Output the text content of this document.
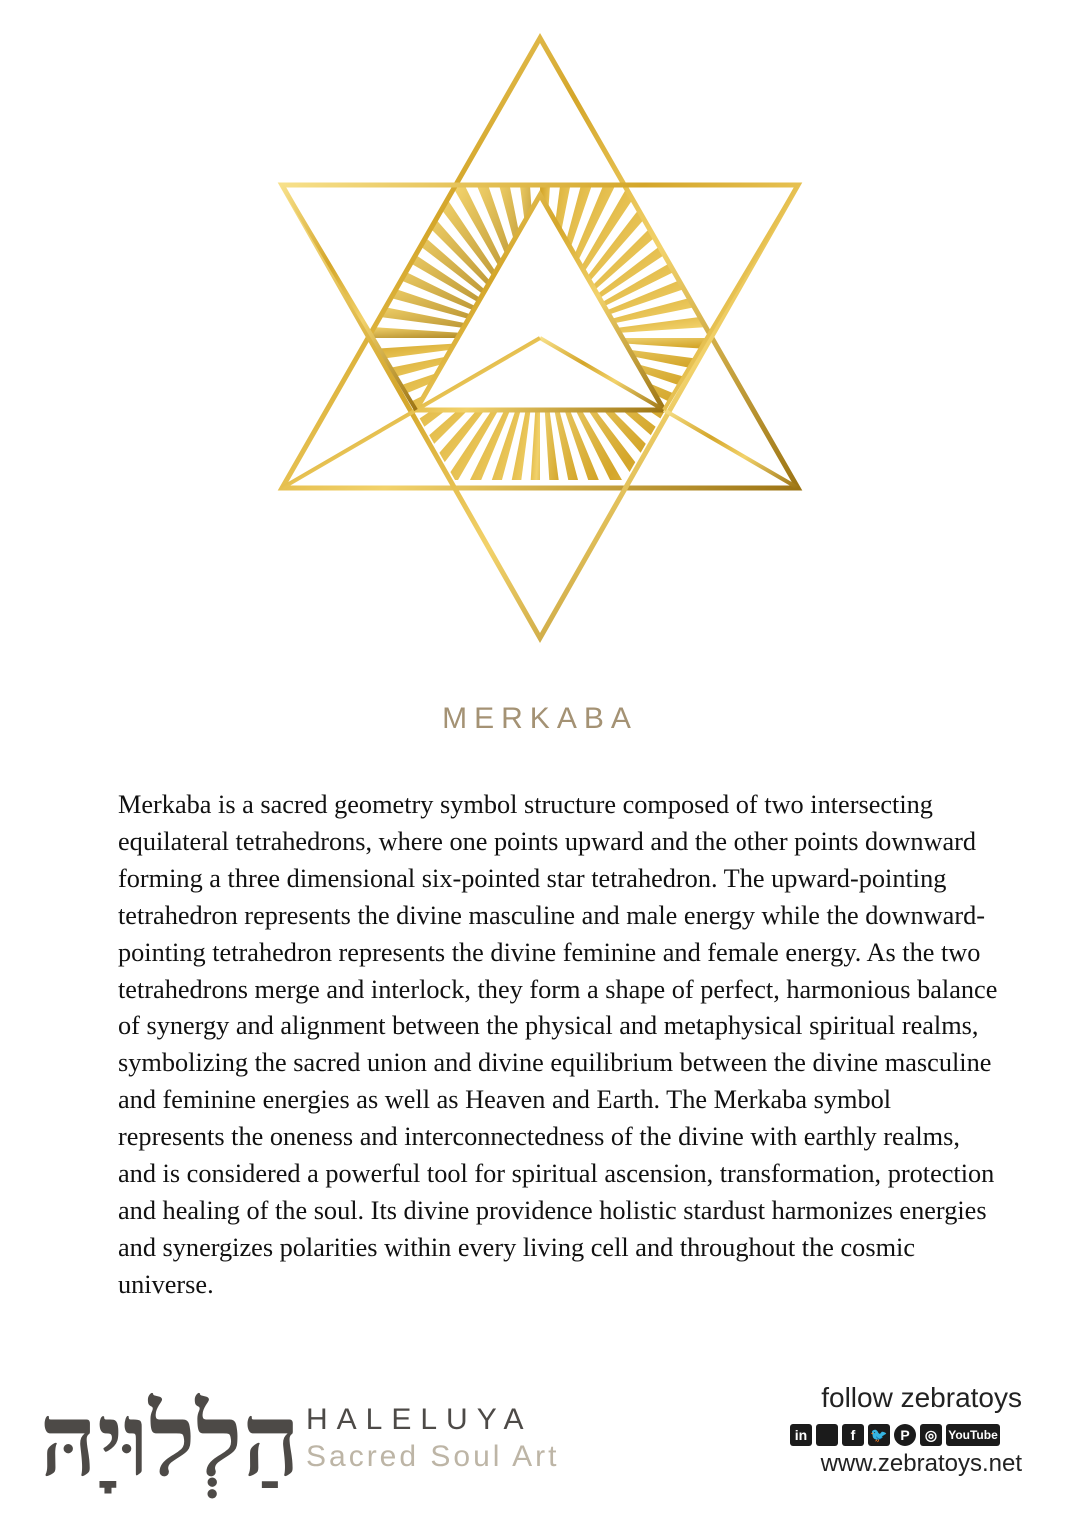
MERKABA

Merkaba is a sacred geometry symbol structure composed of two intersecting equilateral tetrahedrons, where one points upward and the other points downward forming a three dimensional six-pointed star tetrahedron. The upward-pointing tetrahedron represents the divine masculine and male energy while the downward-pointing tetrahedron represents the divine feminine and female energy. As the two tetrahedrons merge and interlock, they form a shape of perfect, harmonious balance of synergy and alignment between the physical and metaphysical spiritual realms, symbolizing the sacred union and divine equilibrium between the divine masculine and feminine energies as well as Heaven and Earth. The Merkaba symbol represents the oneness and interconnectedness of the divine with earthly realms, and is considered a powerful tool for spiritual ascension, transformation, protection and healing of the soul. Its divine providence holistic stardust harmonizes energies and synergizes polarities within every living cell and throughout the cosmic universe.

הַלְלוּיָהּ HALELUYA
Sacred Soul Art
follow zebratoys
in	f	🐦 P	◎ YouTube
www.zebratoys.net
